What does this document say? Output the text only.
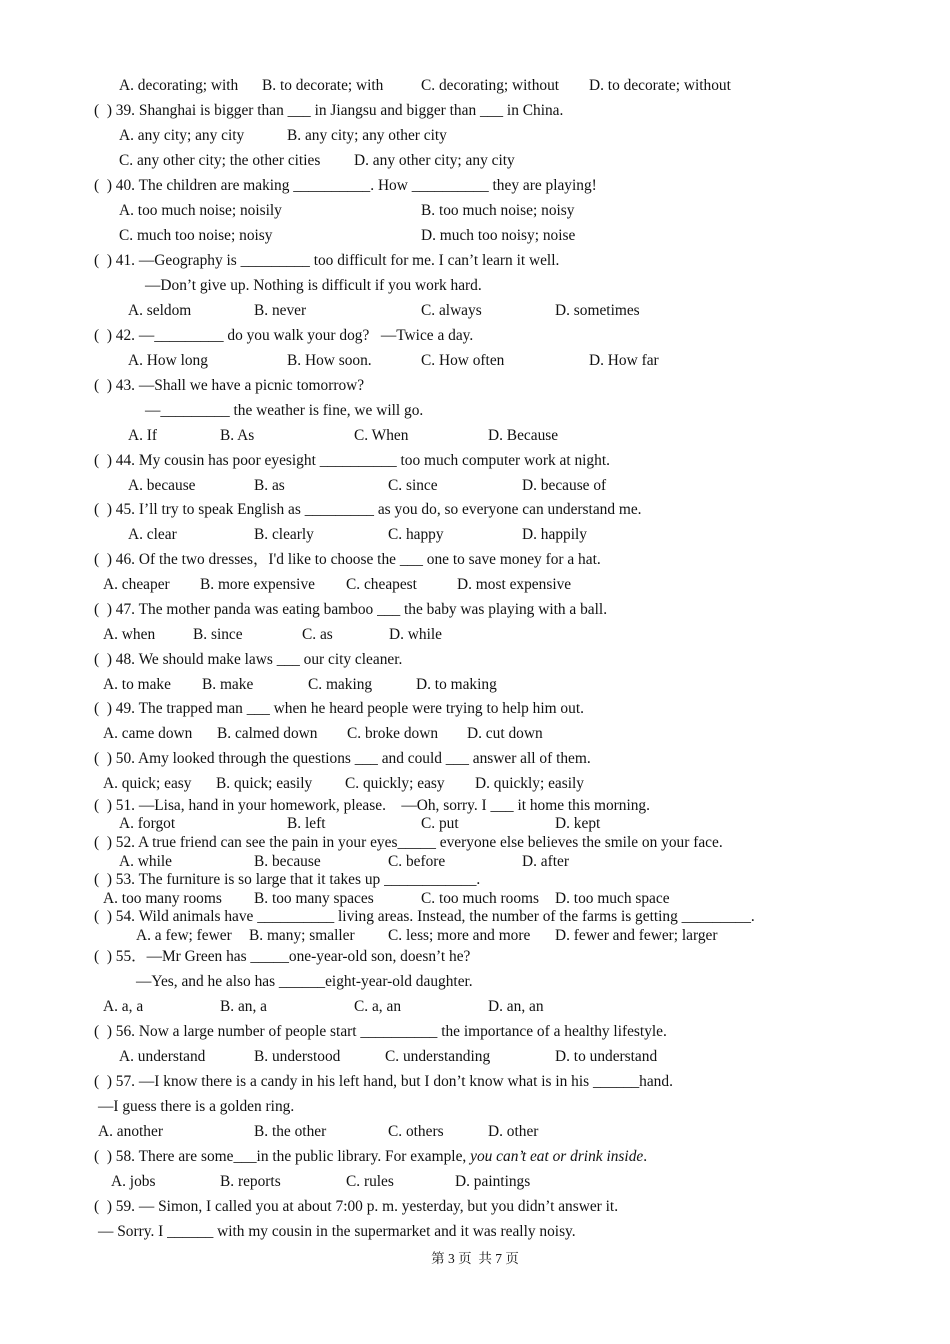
A. decorating; with B. to decorate; with C. decorating; without D. to decorate; without
(  ) 39. Shanghai is bigger than ___ in Jiangsu and bigger than ___ in China.
A. any city; any city	B. any city; any other city
C. any other city; the other cities D. any other city; any city
(  ) 40. The children are making __________. How __________ they are playing!
A. too much noise; noisily	B. too much noise; noisy
C. much too noise; noisy	D. much too noisy; noise
(  ) 41. —Geography is _________ too difficult for me. I can’t learn it well.
—Don’t give up. Nothing is difficult if you work hard.
A. seldom	B. never	C. always	D. sometimes
(  ) 42. —_________ do you walk your dog?   —Twice a day.
A. How long	B. How soon.	C. How often	D. How far
(  ) 43. —Shall we have a picnic tomorrow?
—_________ the weather is fine, we will go.
A. If	B. As	C. When	D. Because
(  ) 44. My cousin has poor eyesight __________ too much computer work at night.
A. because	B. as	C. since	D. because of
(  ) 45. I’ll try to speak English as _________ as you do, so everyone can understand me.
A. clear	B. clearly	C. happy	D. happily
(  ) 46. Of the two dresses，I'd like to choose the ___ one to save money for a hat.
A. cheaper B. more expensive C. cheapest	D. most expensive
(  ) 47. The mother panda was eating bamboo ___ the baby was playing with a ball.
A. when B. since	C. as	D. while
(  ) 48. We should make laws ___ our city cleaner.
A. to make B. make	C. making	D. to making
(  ) 49. The trapped man ___ when he heard people were trying to help him out.
A. came down B. calmed down C. broke down D. cut down
(  ) 50. Amy looked through the questions ___ and could ___ answer all of them.
A. quick; easy B. quick; easily C. quickly; easy D. quickly; easily
(  ) 51. —Lisa, hand in your homework, please.    —Oh, sorry. I ___ it home this morning.
A. forgot	B. left	C. put	D. kept
(  ) 52. A true friend can see the pain in your eyes_____ everyone else believes the smile on your face.
A. while	B. because	C. before	D. after
(  ) 53. The furniture is so large that it takes up ____________.
A. too many rooms B. too many spaces	C. too much rooms D. too much space
(  ) 54. Wild animals have __________ living areas. Instead, the number of the farms is getting _________.
A. a few; fewer B. many; smaller C. less; more and more D. fewer and fewer; larger
(  ) 55．—Mr Green has _____one-year-old son, doesn’t he?
—Yes, and he also has ______eight-year-old daughter.
A. a, a	B. an, a	C. a, an	D. an, an
(  ) 56. Now a large number of people start __________ the importance of a healthy lifestyle.
A. understand	B. understood	C. understanding	D. to understand
(  ) 57. —I know there is a candy in his left hand, but I don’t know what is in his ______hand.
—I guess there is a golden ring.
A. another	B. the other	C. others	D. other
(  ) 58. There are some___in the public library. For example, you can’t eat or drink inside.
A. jobs	B. reports	C. rules	D. paintings
(  ) 59. — Simon, I called you at about 7:00 p. m. yesterday, but you didn’t answer it.
— Sorry. I ______ with my cousin in the supermarket and it was really noisy.
第 3 页  共 7 页
